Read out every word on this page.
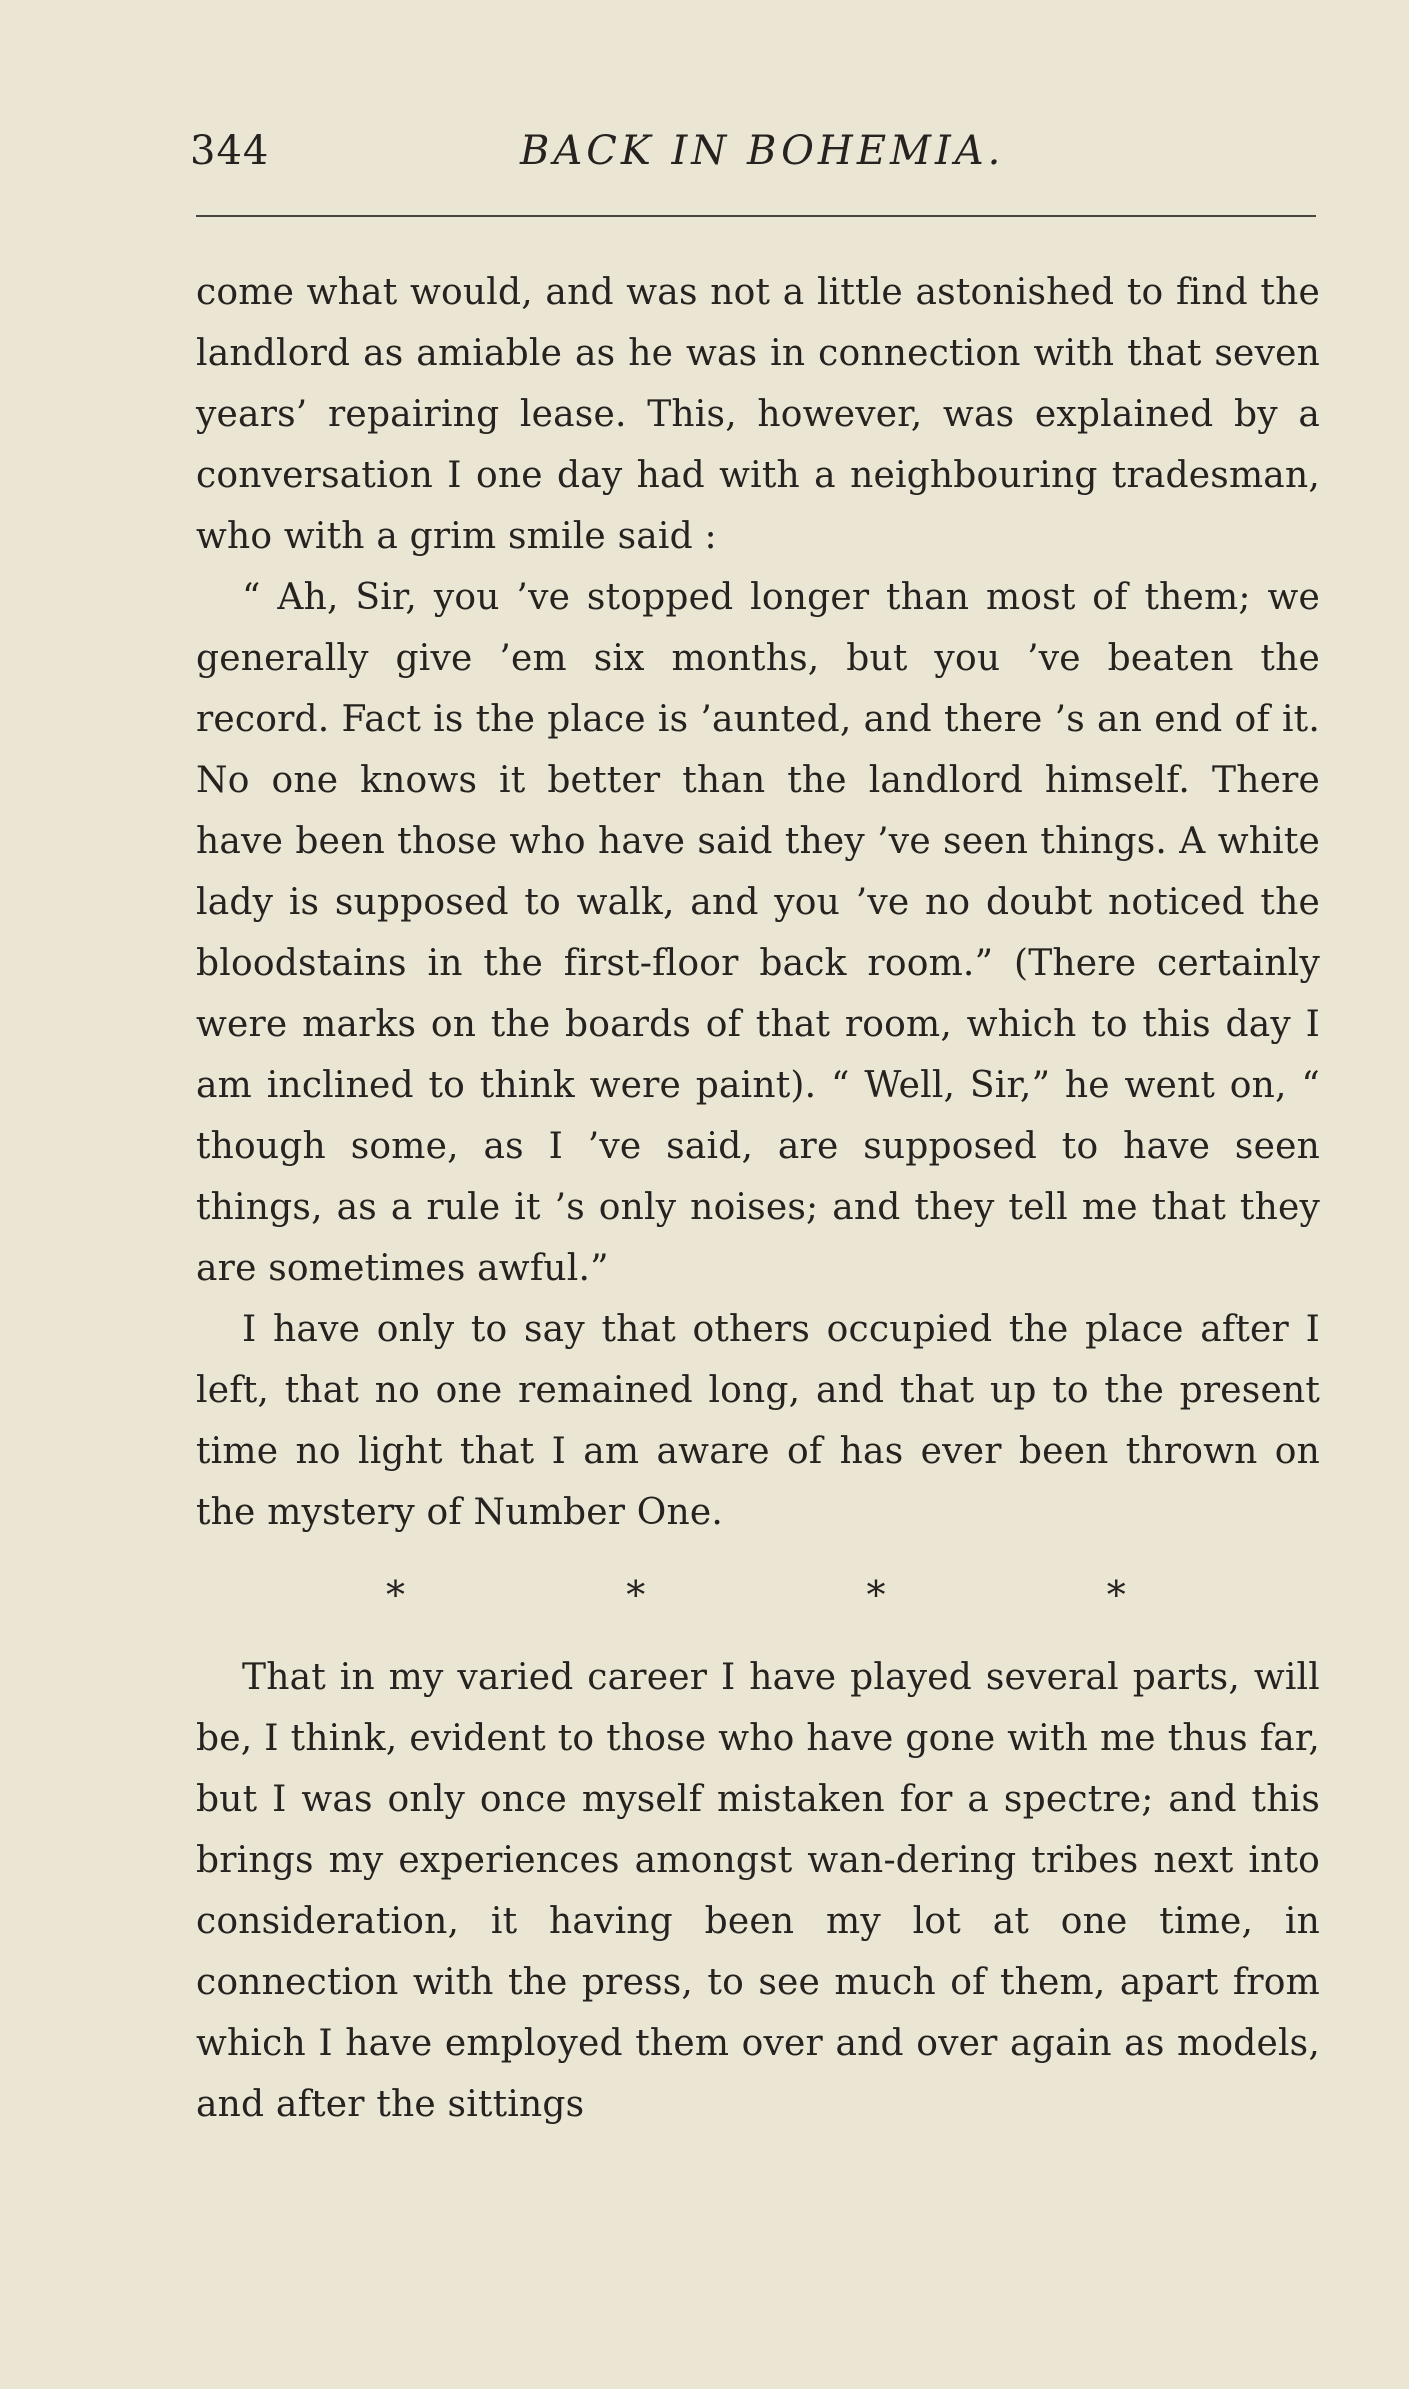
344	BACK IN BOHEMIA.

come what would, and was not a little astonished to find the landlord as amiable as he was in connection with that seven years’ repairing lease. This, however, was explained by a conversation I one day had with a neighbouring tradesman, who with a grim smile said :

“ Ah, Sir, you ’ve stopped longer than most of them; we generally give ’em six months, but you ’ve beaten the record. Fact is the place is ’aunted, and there ’s an end of it. No one knows it better than the landlord himself. There have been those who have said they ’ve seen things. A white lady is supposed to walk, and you ’ve no doubt noticed the bloodstains in the first-floor back room.” (There certainly were marks on the boards of that room, which to this day I am inclined to think were paint). “ Well, Sir,” he went on, “ though some, as I ’ve said, are supposed to have seen things, as a rule it ’s only noises; and they tell me that they are sometimes awful.”

I have only to say that others occupied the place after I left, that no one remained long, and that up to the present time no light that I am aware of has ever been thrown on the mystery of Number One.

*	*	*	*

That in my varied career I have played several parts, will be, I think, evident to those who have gone with me thus far, but I was only once myself mistaken for a spectre; and this brings my experiences amongst wan-dering tribes next into consideration, it having been my lot at one time, in connection with the press, to see much of them, apart from which I have employed them over and over again as models, and after the sittings
